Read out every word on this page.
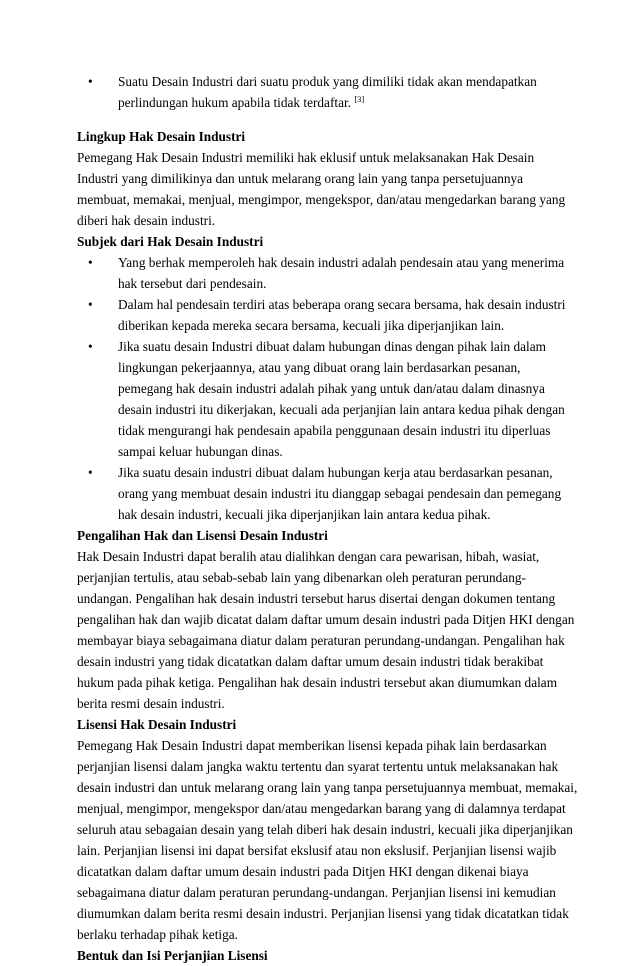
• Suatu Desain Industri dari suatu produk yang dimiliki tidak akan mendapatkan perlindungan hukum apabila tidak terdaftar. [3]
Lingkup Hak Desain Industri

Pemegang Hak Desain Industri memiliki hak eklusif untuk melaksanakan Hak Desain Industri yang dimilikinya dan untuk melarang orang lain yang tanpa persetujuannya membuat, memakai, menjual, mengimpor, mengekspor, dan/atau mengedarkan barang yang diberi hak desain industri.

Subjek dari Hak Desain Industri
• Yang berhak memperoleh hak desain industri adalah pendesain atau yang menerima hak tersebut dari pendesain.
• Dalam hal pendesain terdiri atas beberapa orang secara bersama, hak desain industri diberikan kepada mereka secara bersama, kecuali jika diperjanjikan lain.
• Jika suatu desain Industri dibuat dalam hubungan dinas dengan pihak lain dalam lingkungan pekerjaannya, atau yang dibuat orang lain berdasarkan pesanan, pemegang hak desain industri adalah pihak yang untuk dan/atau dalam dinasnya desain industri itu dikerjakan, kecuali ada perjanjian lain antara kedua pihak dengan tidak mengurangi hak pendesain apabila penggunaan desain industri itu diperluas sampai keluar hubungan dinas.
• Jika suatu desain industri dibuat dalam hubungan kerja atau berdasarkan pesanan, orang yang membuat desain industri itu dianggap sebagai pendesain dan pemegang hak desain industri, kecuali jika diperjanjikan lain antara kedua pihak.
Pengalihan Hak dan Lisensi Desain Industri

Hak Desain Industri dapat beralih atau dialihkan dengan cara pewarisan, hibah, wasiat, perjanjian tertulis, atau sebab-sebab lain yang dibenarkan oleh peraturan perundang-undangan. Pengalihan hak desain industri tersebut harus disertai dengan dokumen tentang pengalihan hak dan wajib dicatat dalam daftar umum desain industri pada Ditjen HKI dengan membayar biaya sebagaimana diatur dalam peraturan perundang-undangan. Pengalihan hak desain industri yang tidak dicatatkan dalam daftar umum desain industri tidak berakibat hukum pada pihak ketiga. Pengalihan hak desain industri tersebut akan diumumkan dalam berita resmi desain industri.

Lisensi Hak Desain Industri

Pemegang Hak Desain Industri dapat memberikan lisensi kepada pihak lain berdasarkan perjanjian lisensi dalam jangka waktu tertentu dan syarat tertentu untuk melaksanakan hak desain industri dan untuk melarang orang lain yang tanpa persetujuannya membuat, memakai, menjual, mengimpor, mengekspor dan/atau mengedarkan barang yang di dalamnya terdapat seluruh atau sebagaian desain yang telah diberi hak desain industri, kecuali jika diperjanjikan lain. Perjanjian lisensi ini dapat bersifat ekslusif atau non ekslusif. Perjanjian lisensi wajib dicatatkan dalam daftar umum desain industri pada Ditjen HKI dengan dikenai biaya sebagaimana diatur dalam peraturan perundang-undangan. Perjanjian lisensi ini kemudian diumumkan dalam berita resmi desain industri. Perjanjian lisensi yang tidak dicatatkan tidak berlaku terhadap pihak ketiga.

Bentuk dan Isi Perjanjian Lisensi
